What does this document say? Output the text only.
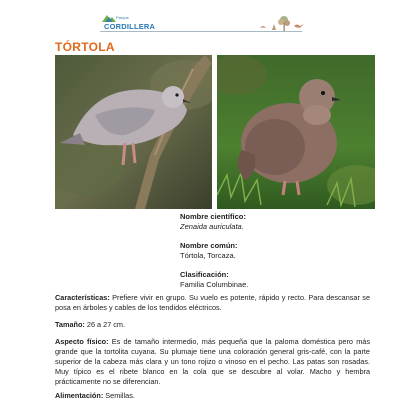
Parque
CORDILLERA
TÓRTOLA
Nombre científico:
Zenaida auriculata.
Nombre común:
Tórtola, Torcaza.
Clasificación:
Familia Columbinae.
Características: Prefiere vivir en grupo. Su vuelo es potente, rápido y recto. Para descansar se posa en árboles y cables de los tendidos eléctricos.
Tamaño: 26 a 27 cm.
Aspecto físico: Es de tamaño intermedio, más pequeña que la paloma doméstica pero más grande que la tortolita cuyana. Su plumaje tiene una coloración general gris-café, con la parte superior de la cabeza más clara y un tono rojizo o vinoso en el pecho. Las patas son rosadas. Muy típico es el ribete blanco en la cola que se descubre al volar. Macho y hembra prácticamente no se diferencian.
Alimentación: Semillas.
